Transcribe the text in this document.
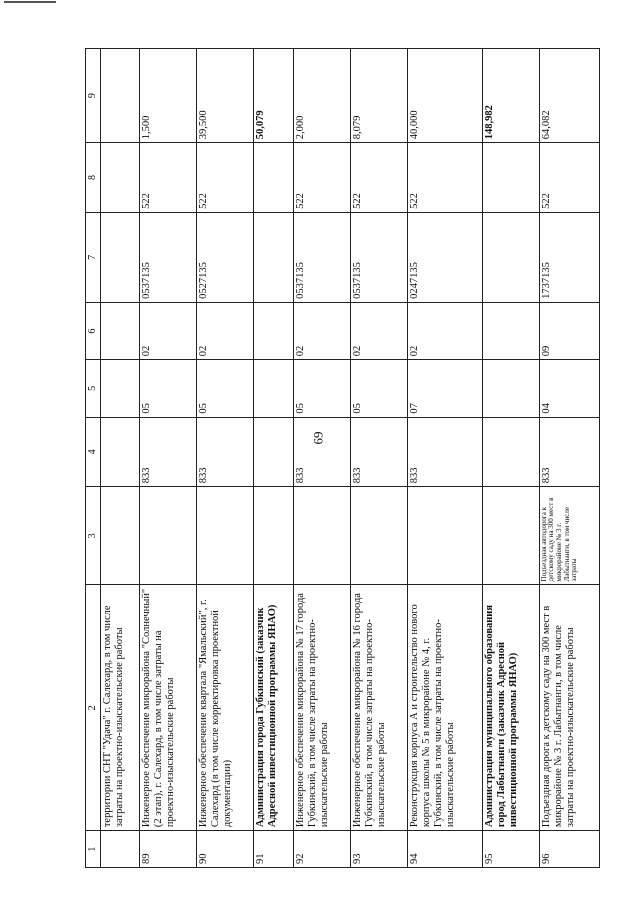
69
1	2	3	4	5	6	7	8	9
	территории СНТ "Удача" г. Салехард, в том числе затраты на проектно-изыскательские работы							
89	Инженерное обеспечение микрорайона "Солнечный" (2 этап), г. Салехард, в том числе затраты на проектно-изыскательские работы		833	05	02	0537135	522	1,500
90	Инженерное обеспечение квартала "Ямальский", г. Салехард (в том числе корректировка проектной документации)		833	05	02	0527135	522	39,500
91	Администрация города Губкинский (заказчик Адресной инвестиционной программы ЯНАО)							50,079
92	Инженерное обеспечение микрорайона № 17 города Губкинский, в том числе затраты на проектно-изыскательские работы		833	05	02	0537135	522	2,000
93	Инженерное обеспечение микрорайона № 16 города Губкинский, в том числе затраты на проектно-изыскательские работы		833	05	02	0537135	522	8,079
94	Реконструкция корпуса А и строительство нового корпуса школы № 5 в микрорайоне № 4, г. Губкинский, в том числе затраты на проектно-изыскательские работы		833	07	02	0247135	522	40,000
95	Администрация муниципального образования город Лабытнанги (заказчик Адресной инвестиционной программы ЯНАО)							148,982
96	Подъездная дорога к детскому саду на 300 мест в микрорайоне № 3 г. Лабытнанги, в том числе затраты на проектно-изыскательские работы	Подъездная автодорога к детскому саду на 300 мест в микрорайоне № 3 г. Лабытнанги, в том числе затраты	833	04	09	1737135	522	64,082
